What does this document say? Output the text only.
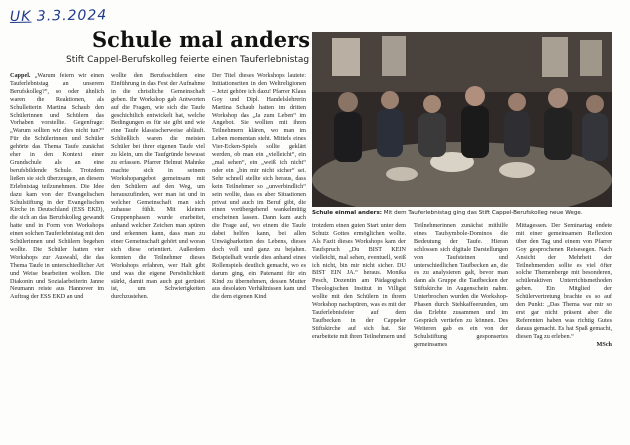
UK 3.3.2024
Schule mal anders
Stift Cappel-Berufskolleg feierte einen Tauferlebnistag

Cappel. „Warum feiern wir einen Tauferlebnistag an unserem Berufskolleg?“, so oder ähnlich waren die Reaktionen, als Schulleiterin Martina Schaub den Schülerinnen und Schülern das Vorhaben vorstellte. Gegenfrage: „Warum sollten wir dies nicht tun?“ Für die Schülerinnen und Schüler gehörte das Thema Taufe zunächst eher in den Kontext einer Grundschule als an eine berufsbildende Schule. Trotzdem ließen sie sich überzeugen, an diesem Erlebnistag teilzunehmen. Die Idee dazu kam von der Evangelischen Schulstiftung in der Evangelischen Kirche in Deutschland (ESS EKD), die sich an das Berufskolleg gewandt hatte und in Form von Workshops einen solchen Tauferlebnistag mit den Schülerinnen und Schülern begehen wollte. Die Schüler hatten vier Workshops zur Auswahl, die das Thema Taufe in unterschiedlicher Art und Weise bearbeiten wollten. Die Diakonin und Sozialarbeiterin Janne Neumann reiste aus Hannover im Auftrag der ESS EKD an und

wollte den Berufsschülern eine Einführung in das Fest der Aufnahme in die christliche Gemeinschaft geben. Ihr Workshop gab Antworten auf die Fragen, wie sich die Taufe geschichtlich entwickelt hat, welche Bedingungen es für sie gibt und wie eine Taufe klassischerweise abläuft. Schließlich waren die meisten Schüler bei ihrer eigenen Taufe viel zu klein, um die Taufgründe bewusst zu erfassen. Pfarrer Helmut Mahnke machte sich in seinem Workshopangebot gemeinsam mit den Schülern auf den Weg, um herauszufinden, wer man ist und in welcher Gemeinschaft man sich zuhause fühlt. Mit kleinen Gruppenphasen wurde erarbeitet, anhand welcher Zeichen man spüren und erkennen kann, dass man zu einer Gemeinschaft gehört und woran sich diese orientiert. Außerdem konnten die Teilnehmer dieses Workshops erfahren, wer Halt gibt und was die eigene Persönlichkeit stärkt, damit man auch gut gerüstet ist, um Schwierigkeiten durchzustehen.

Der Titel dieses Workshops lautete: Initiationsriten in den Weltreligionen – Jetzt gehöre ich dazu! Pfarrer Klaus Goy und Dipl. Handelslehrerin Martina Schaub hatten im dritten Workshop das „Ja zum Leben“ im Angebot. Sie wollten mit ihren Teilnehmern klären, wo man im Leben momentan steht. Mittels eines Vier-Ecken-Spiels sollte geklärt werden, ob man ein „vielleicht“, ein „mal sehen“, ein „weiß ich nicht“ oder ein „bin mir nicht sicher“ sei. Sehr schnell stellte sich heraus, dass kein Teilnehmer so „unverbindlich“ sein wollte, dass es aber Situationen privat und auch im Beruf gibt, die einen vorübergehend wankelmütig erscheinen lassen. Dann kam auch die Frage auf, wo einem die Taufe dabei helfen kann, bei allen Unwägbarkeiten des Lebens, dieses doch voll und ganz zu bejahen. Beispielhaft wurde dies anhand eines Rollenspiels deutlich gemacht, wo es darum ging, ein Patenamt für ein Kind zu übernehmen, dessen Mutter aus desolaten Verhältnissen kam und die dem eigenen Kind

Schule einmal anders: Mit dem Tauferlebnistag ging das Stift Cappel-Berufskolleg neue Wege.

trotzdem einen guten Start unter dem Schutz Gottes ermöglichen wollte. Als Fazit dieses Workshops kam der Taufspruch „Du BIST KEIN vielleicht, mal sehen, eventuell, weiß ich nicht, bin mir nicht sicher. DU BIST EIN JA.“ heraus. Monika Pesch, Dozentin am Pädagogisch Theologischen Institut in Villigst wollte mit den Schülern in ihrem Workshop nachspüren, was es mit der Tauferlebnisfeier auf dem Taufbecken in der Cappeler Stiftskirche auf sich hat. Sie erarbeitete mit ihren Teilnehmern und

Teilnehmerinnen zunächst mithilfe eines Taufsymbole-Dominos die Bedeutung der Taufe. Hieran schlossen sich digitale Darstellungen von Taufsteinen und unterschiedlichen Taufbecken an, die es zu analysieren galt, bevor man dann als Gruppe die Taufbecken der Stiftskirche in Augenschein nahm. Unterbrochen wurden die Workshop-Phasen durch Stehkaffeerunden, um das Erlebte zusammen und im Gespräch vertiefen zu können. Des Weiteren gab es ein von der Schulstiftung gesponsertes gemeinsames

Mittagessen. Der Seminartag endete mit einer gemeinsamen Reflexion über den Tag und einem von Pfarrer Goy gesprochenen Reisesegen. Nach Ansicht der Mehrheit der Teilnehmenden sollte es viel öfter solche Themenberge mit besonderen, schüleraktiven Unterrichtsmethoden geben. Ein Mitglied der Schülervertretung brachte es so auf den Punkt: „Das Thema war mir so erst gar nicht präsent aber die Referenten haben was richtig Gutes daraus gemacht. Es hat Spaß gemacht, diesen Tag zu erleben.“

MSch
